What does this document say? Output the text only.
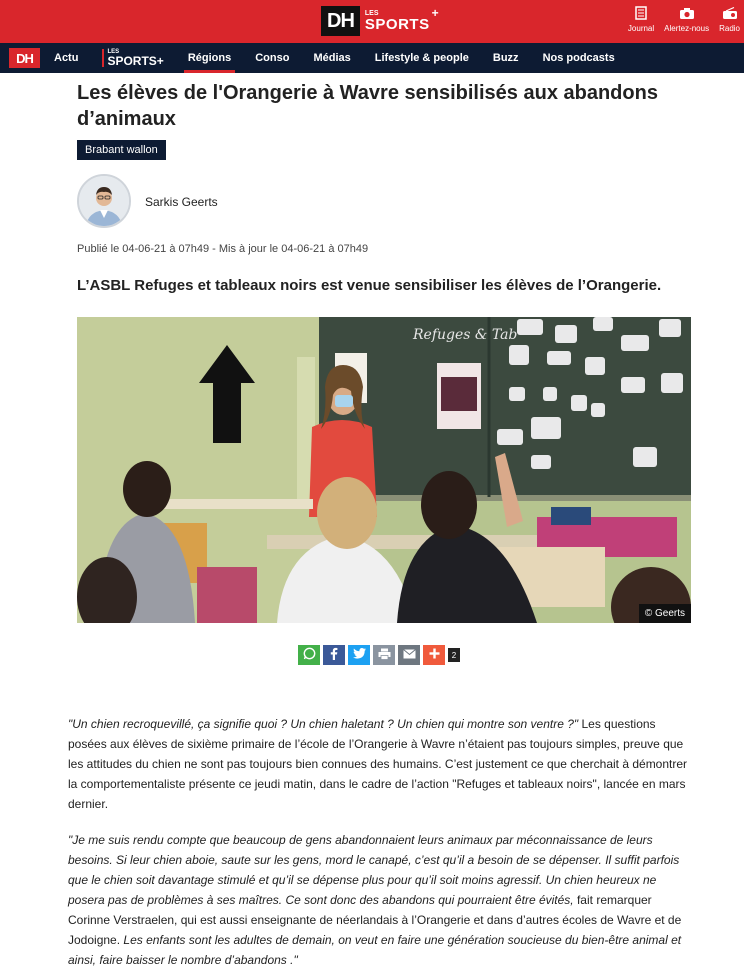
DH	LES
SPORTS
+
Journal Alertez-nous Radio
DH	Actu	LES
SPORTS+ Régions Conso Médias Lifestyle & people Buzz Nos podcasts
Les élèves de l'Orangerie à Wavre sensibilisés aux abandons d’animaux
Brabant wallon
Sarkis Geerts
Publié le 04-06-21 à 07h49 - Mis à jour le 04-06-21 à 07h49
L’ASBL Refuges et tableaux noirs est venue sensibiliser les élèves de l’Orangerie.
Refuges & Tab
© Geerts
2

"Un chien recroquevillé, ça signifie quoi ? Un chien haletant ? Un chien qui montre son ventre ?" Les questions posées aux élèves de sixième primaire de l’école de l’Orangerie à Wavre n’étaient pas toujours simples, preuve que les attitudes du chien ne sont pas toujours bien connues des humains. C’est justement ce que cherchait à démontrer la comportementaliste présente ce jeudi matin, dans le cadre de l’action "Refuges et tableaux noirs", lancée en mars dernier.

"Je me suis rendu compte que beaucoup de gens abandonnaient leurs animaux par méconnaissance de leurs besoins. Si leur chien aboie, saute sur les gens, mord le canapé, c’est qu’il a besoin de se dépenser. Il suffit parfois que le chien soit davantage stimulé et qu’il se dépense plus pour qu’il soit moins agressif. Un chien heureux ne posera pas de problèmes à ses maîtres. Ce sont donc des abandons qui pourraient être évités, fait remarquer Corinne Verstraelen, qui est aussi enseignante de néerlandais à l’Orangerie et dans d’autres écoles de Wavre et de Jodoigne. Les enfants sont les adultes de demain, on veut en faire une génération soucieuse du bien-être animal et ainsi, faire baisser le nombre d’abandons ."
